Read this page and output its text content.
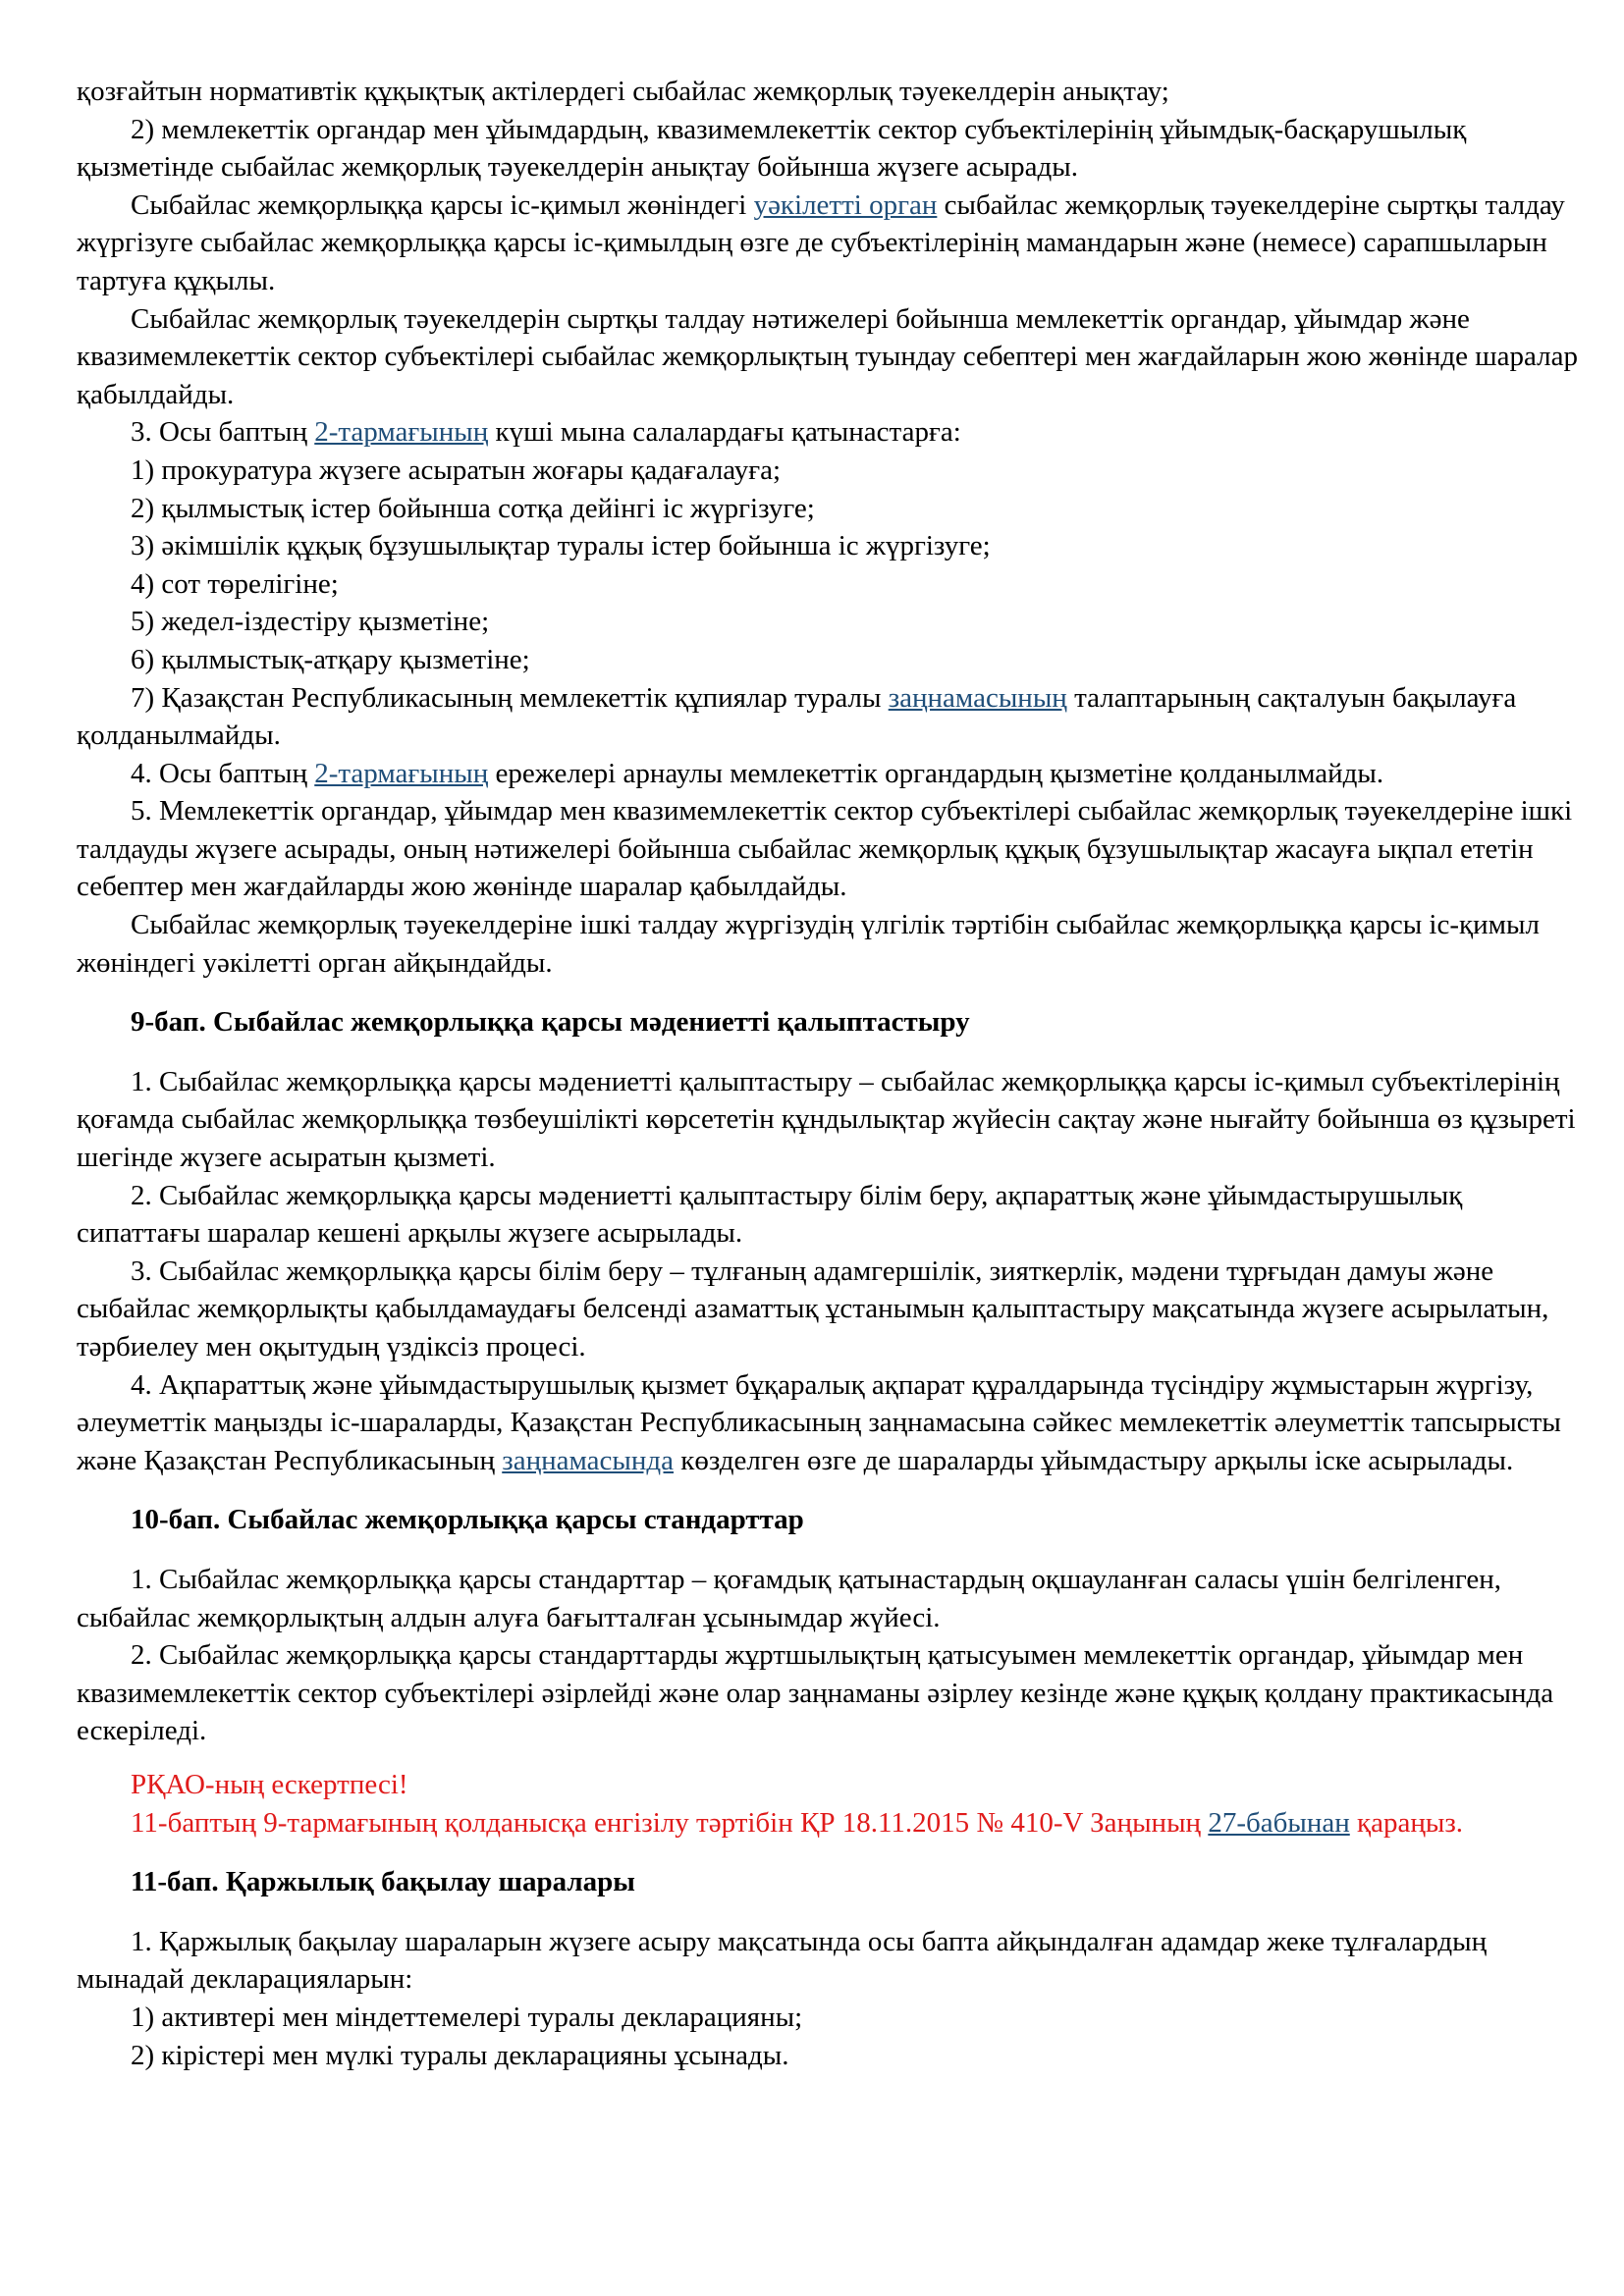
қозғайтын нормативтік құқықтық актілердегі сыбайлас жемқорлық тәуекелдерін анықтау;

2) мемлекеттік органдар мен ұйымдардың, квазимемлекеттік сектор субъектілерінің ұйымдық-басқарушылық қызметінде сыбайлас жемқорлық тәуекелдерін анықтау бойынша жүзеге асырады.

Сыбайлас жемқорлыққа қарсы іс-қимыл жөніндегі уәкілетті орган сыбайлас жемқорлық тәуекелдеріне сыртқы талдау жүргізуге сыбайлас жемқорлыққа қарсы іс-қимылдың өзге де субъектілерінің мамандарын және (немесе) сарапшыларын тартуға құқылы.

Сыбайлас жемқорлық тәуекелдерін сыртқы талдау нәтижелері бойынша мемлекеттік органдар, ұйымдар және квазимемлекеттік сектор субъектілері сыбайлас жемқорлықтың туындау себептері мен жағдайларын жою жөнінде шаралар қабылдайды.

3. Осы баптың 2-тармағының күші мына салалардағы қатынастарға:

1) прокуратура жүзеге асыратын жоғары қадағалауға;

2) қылмыстық істер бойынша сотқа дейінгі іс жүргізуге;

3) әкімшілік құқық бұзушылықтар туралы істер бойынша іс жүргізуге;

4) сот төрелігіне;

5) жедел-іздестіру қызметіне;

6) қылмыстық-атқару қызметіне;

7) Қазақстан Республикасының мемлекеттік құпиялар туралы заңнамасының талаптарының сақталуын бақылауға қолданылмайды.

4. Осы баптың 2-тармағының ережелері арнаулы мемлекеттік органдардың қызметіне қолданылмайды.

5. Мемлекеттік органдар, ұйымдар мен квазимемлекеттік сектор субъектілері сыбайлас жемқорлық тәуекелдеріне ішкі талдауды жүзеге асырады, оның нәтижелері бойынша сыбайлас жемқорлық құқық бұзушылықтар жасауға ықпал ететін себептер мен жағдайларды жою жөнінде шаралар қабылдайды.

Сыбайлас жемқорлық тәуекелдеріне ішкі талдау жүргізудің үлгілік тәртібін сыбайлас жемқорлыққа қарсы іс-қимыл жөніндегі уәкілетті орган айқындайды.

9-бап. Сыбайлас жемқорлыққа қарсы мәдениетті қалыптастыру

1. Сыбайлас жемқорлыққа қарсы мәдениетті қалыптастыру – сыбайлас жемқорлыққа қарсы іс-қимыл субъектілерінің қоғамда сыбайлас жемқорлыққа төзбеушілікті көрсететін құндылықтар жүйесін сақтау және нығайту бойынша өз құзыреті шегінде жүзеге асыратын қызметі.

2. Сыбайлас жемқорлыққа қарсы мәдениетті қалыптастыру білім беру, ақпараттық және ұйымдастырушылық сипаттағы шаралар кешені арқылы жүзеге асырылады.

3. Сыбайлас жемқорлыққа қарсы білім беру – тұлғаның адамгершілік, зияткерлік, мәдени тұрғыдан дамуы және сыбайлас жемқорлықты қабылдамаудағы белсенді азаматтық ұстанымын қалыптастыру мақсатында жүзеге асырылатын, тәрбиелеу мен оқытудың үздіксіз процесі.

4. Ақпараттық және ұйымдастырушылық қызмет бұқаралық ақпарат құралдарында түсіндіру жұмыстарын жүргізу, әлеуметтік маңызды іс-шараларды, Қазақстан Республикасының заңнамасына сәйкес мемлекеттік әлеуметтік тапсырысты және Қазақстан Республикасының заңнамасында көзделген өзге де шараларды ұйымдастыру арқылы іске асырылады.

10-бап. Сыбайлас жемқорлыққа қарсы стандарттар

1. Сыбайлас жемқорлыққа қарсы стандарттар – қоғамдық қатынастардың оқшауланған саласы үшін белгіленген, сыбайлас жемқорлықтың алдын алуға бағытталған ұсынымдар жүйесі.

2. Сыбайлас жемқорлыққа қарсы стандарттарды жұртшылықтың қатысуымен мемлекеттік органдар, ұйымдар мен квазимемлекеттік сектор субъектілері әзірлейді және олар заңнаманы әзірлеу кезінде және құқық қолдану практикасында ескеріледі.

РҚАО-ның ескертпесі!

11-баптың 9-тармағының қолданысқа енгізілу тәртібін ҚР 18.11.2015 № 410-V Заңының 27-бабынан қараңыз.

11-бап. Қаржылық бақылау шаралары

1. Қаржылық бақылау шараларын жүзеге асыру мақсатында осы бапта айқындалған адамдар жеке тұлғалардың мынадай декларацияларын:

1) активтері мен міндеттемелері туралы декларацияны;

2) кірістері мен мүлкі туралы декларацияны ұсынады.
